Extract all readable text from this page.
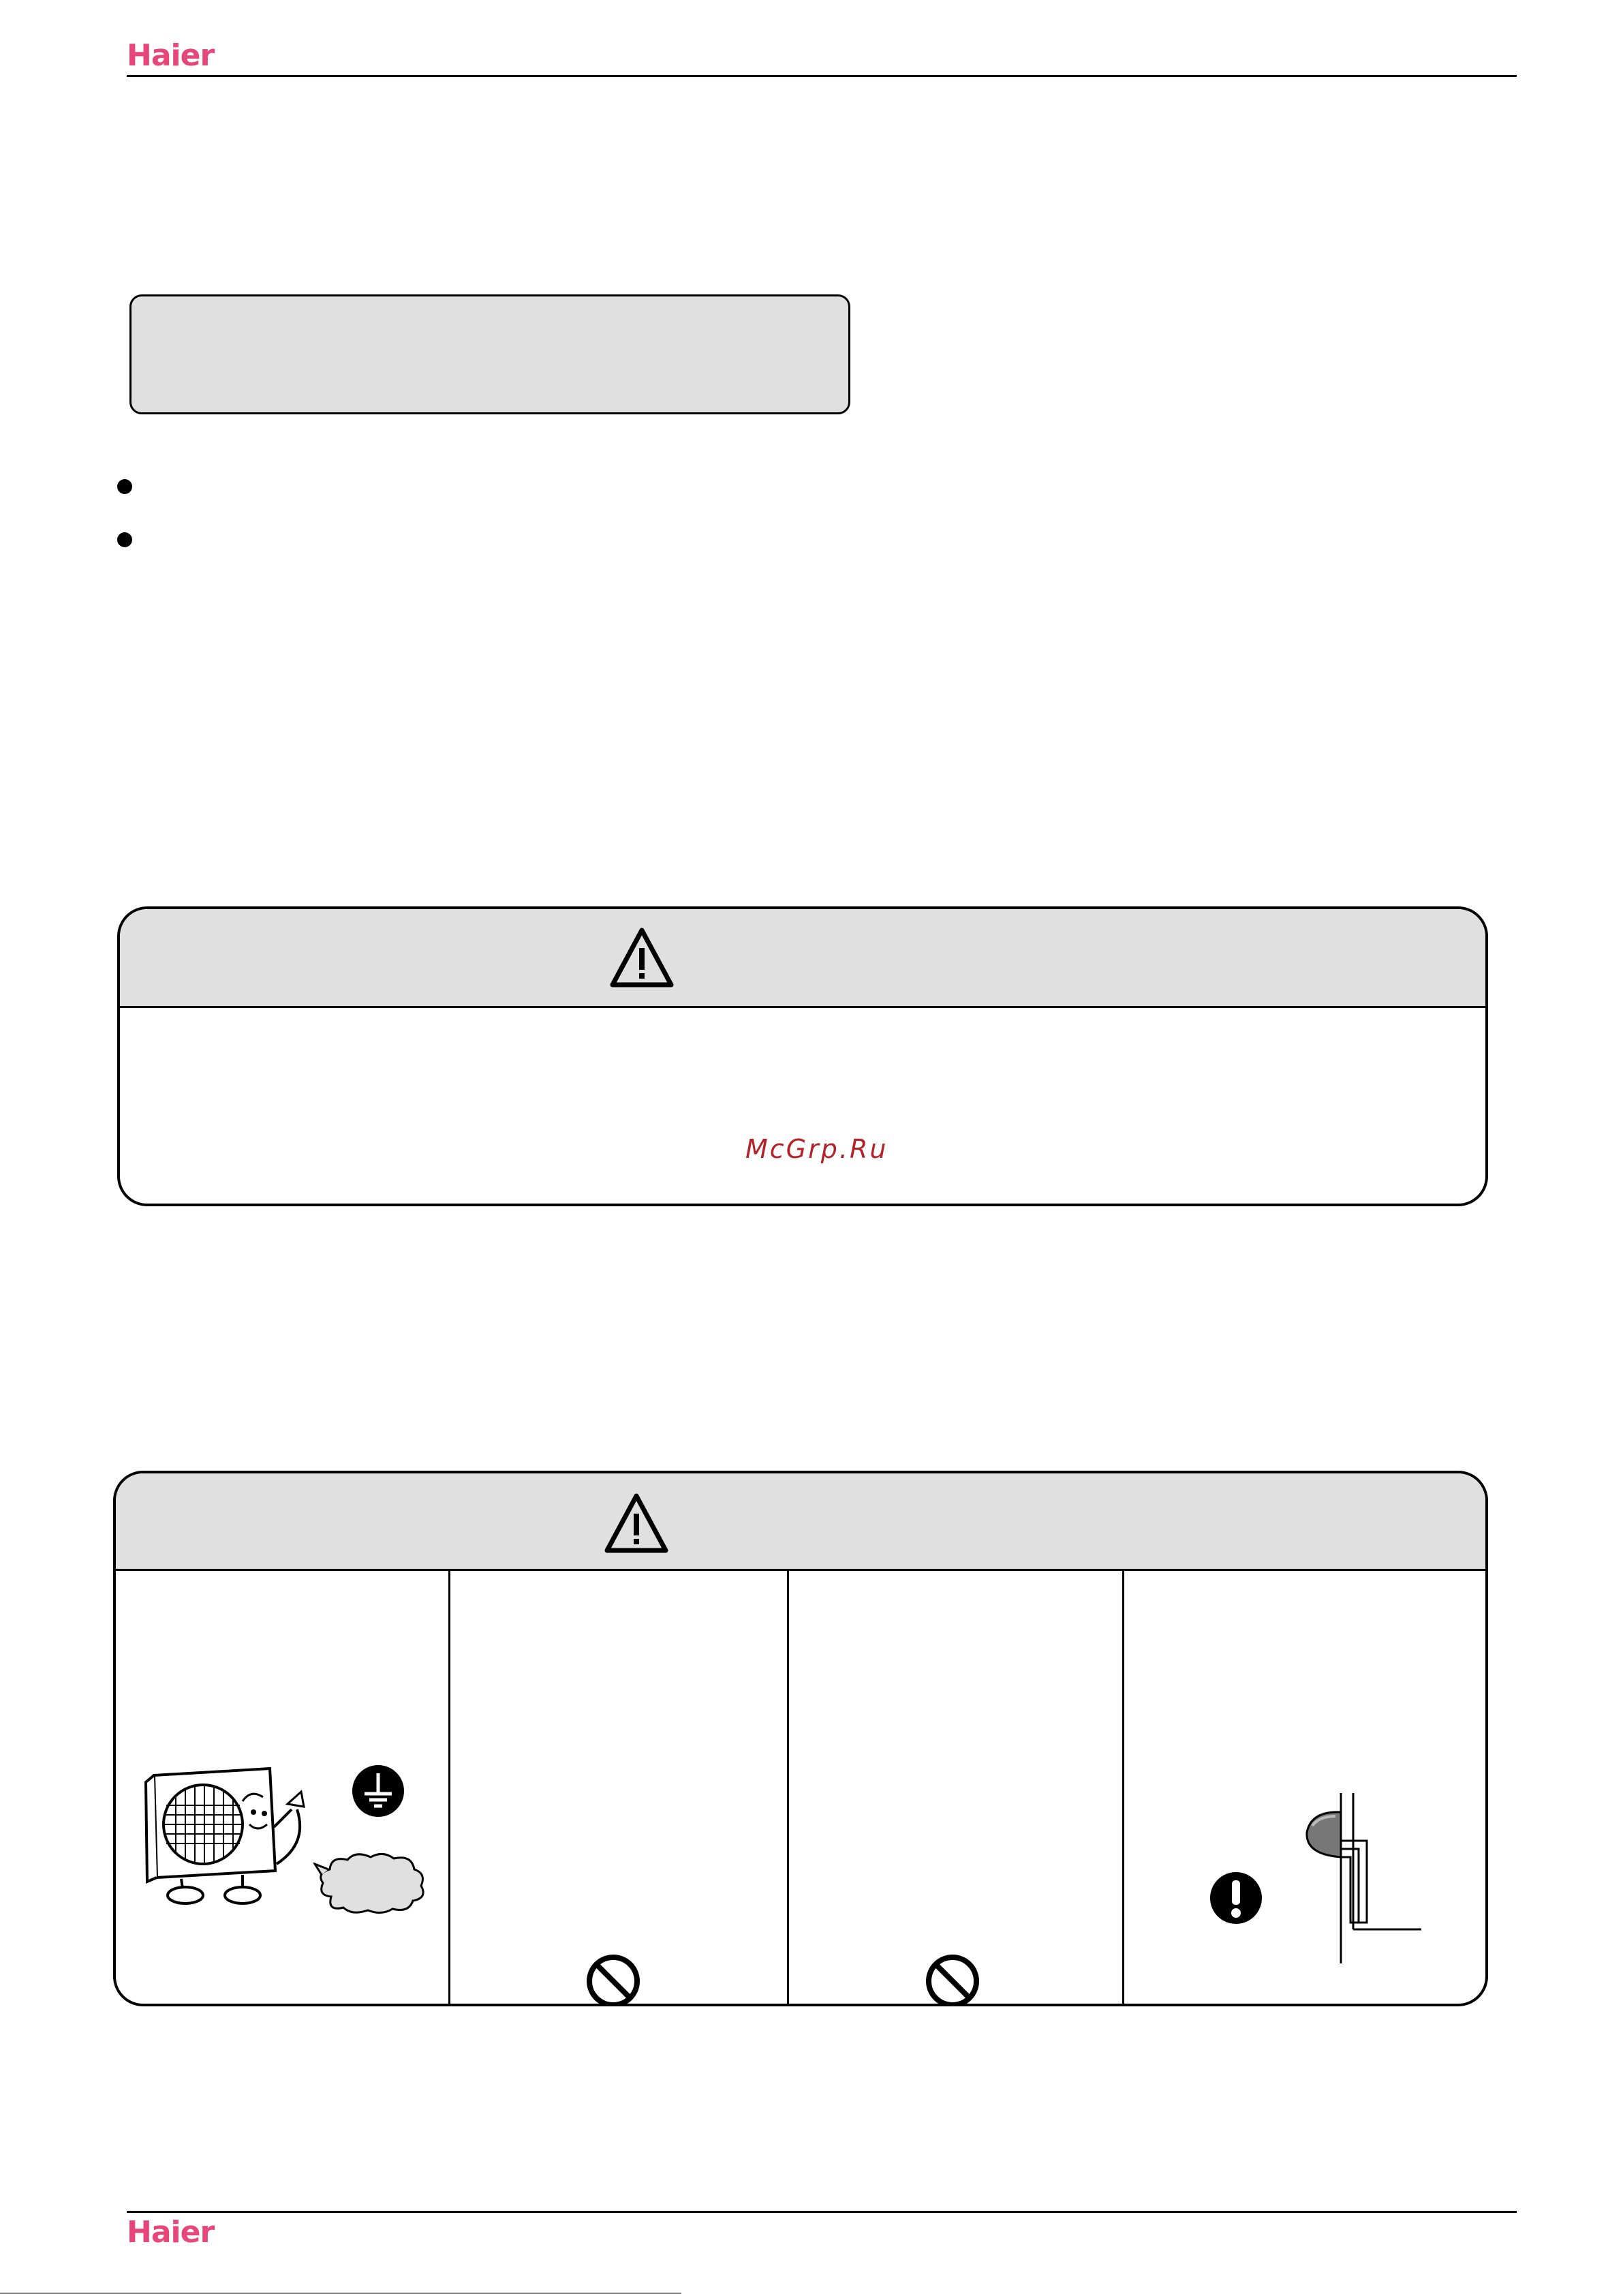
Haier
McGrp.Ru
Haier
